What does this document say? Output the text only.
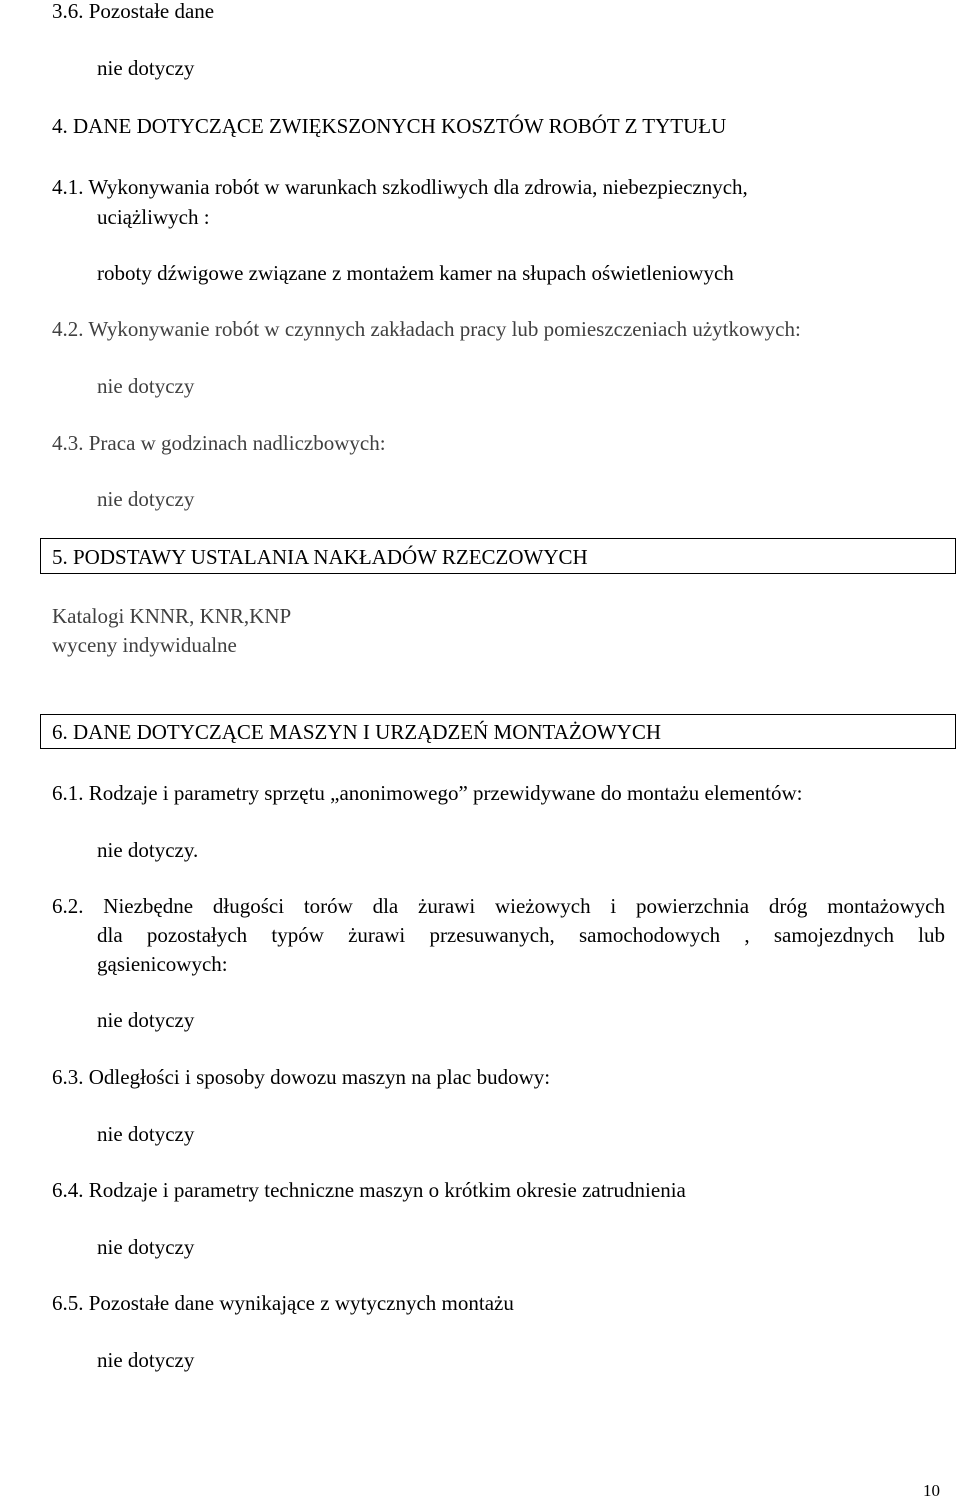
3.6. Pozostałe dane

nie dotyczy

4. DANE DOTYCZĄCE ZWIĘKSZONYCH KOSZTÓW ROBÓT Z TYTUŁU

4.1. Wykonywania robót w warunkach szkodliwych dla zdrowia, niebezpiecznych,

uciążliwych :

roboty dźwigowe związane z montażem kamer na słupach oświetleniowych

4.2. Wykonywanie robót w czynnych zakładach pracy lub pomieszczeniach użytkowych:

nie dotyczy

4.3. Praca w godzinach nadliczbowych:

nie dotyczy

5. PODSTAWY USTALANIA NAKŁADÓW RZECZOWYCH

Katalogi KNNR, KNR,KNP

wyceny indywidualne

6. DANE DOTYCZĄCE MASZYN I URZĄDZEŃ MONTAŻOWYCH

6.1. Rodzaje i parametry sprzętu „anonimowego” przewidywane do montażu elementów:

nie dotyczy.

6.2. Niezbędne długości torów dla żurawi wieżowych i powierzchnia dróg montażowych

dla pozostałych typów żurawi przesuwanych, samochodowych , samojezdnych lub

gąsienicowych:

nie dotyczy

6.3. Odległości i sposoby dowozu maszyn na plac budowy:

nie dotyczy

6.4. Rodzaje i parametry techniczne maszyn o krótkim okresie zatrudnienia

nie dotyczy

6.5. Pozostałe dane wynikające z wytycznych montażu

nie dotyczy

10
